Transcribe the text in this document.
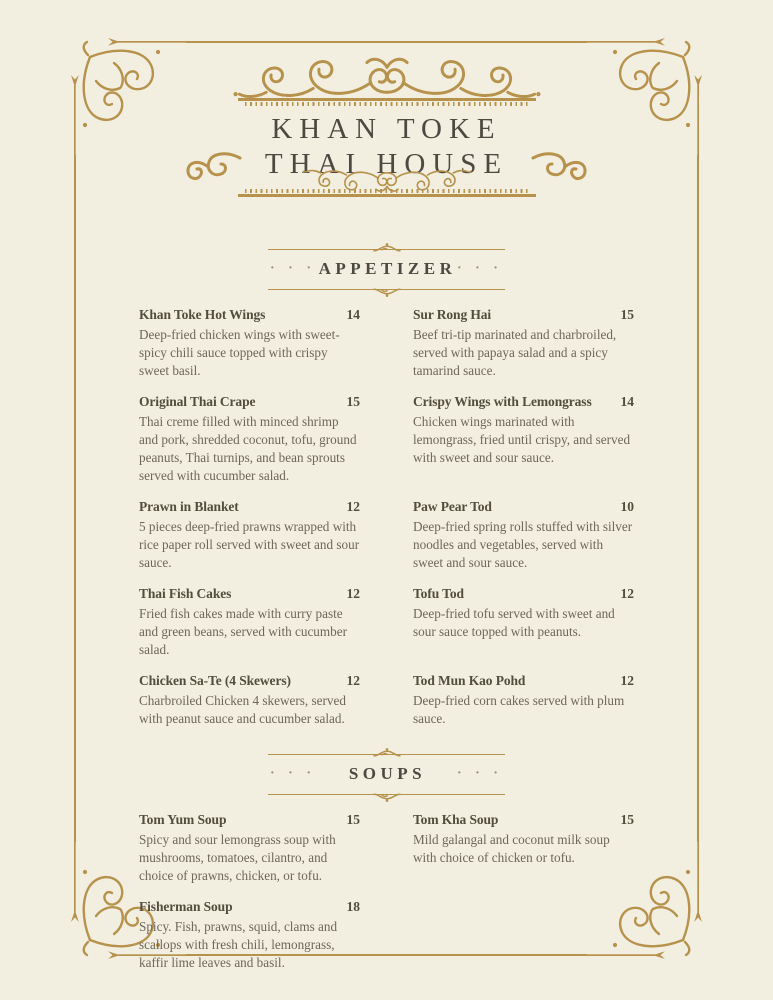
KHAN TOKE
THAI HOUSE
· · · APPETIZER · · ·
Khan Toke Hot Wings	14

Deep-fried chicken wings with sweet-spicy chili sauce topped with crispy sweet basil.

Original Thai Crape	15

Thai creme filled with minced shrimp and pork, shredded coconut, tofu, ground peanuts, Thai turnips, and bean sprouts served with cucumber salad.

Prawn in Blanket	12

5 pieces deep-fried prawns wrapped with rice paper roll served with sweet and sour sauce.

Thai Fish Cakes	12

Fried fish cakes made with curry paste and green beans, served with cucumber salad.

Chicken Sa-Te (4 Skewers)	12

Charbroiled Chicken 4 skewers, served with peanut sauce and cucumber salad.

Sur Rong Hai	15

Beef tri-tip marinated and charbroiled, served with papaya salad and a spicy tamarind sauce.

Crispy Wings with Lemongrass	14

Chicken wings marinated with lemongrass, fried until crispy, and served with sweet and sour sauce.

Paw Pear Tod	10

Deep-fried spring rolls stuffed with silver noodles and vegetables, served with sweet and sour sauce.

Tofu Tod	12

Deep-fried tofu served with sweet and sour sauce topped with peanuts.

Tod Mun Kao Pohd	12

Deep-fried corn cakes served with plum sauce.

· · · SOUPS · · ·
Tom Yum Soup	15

Spicy and sour lemongrass soup with mushrooms, tomatoes, cilantro, and choice of prawns, chicken, or tofu.

Fisherman Soup	18

Spicy. Fish, prawns, squid, clams and scallops with fresh chili, lemongrass, kaffir lime leaves and basil.

Tom Kha Soup	15

Mild galangal and coconut milk soup with choice of chicken or tofu.
